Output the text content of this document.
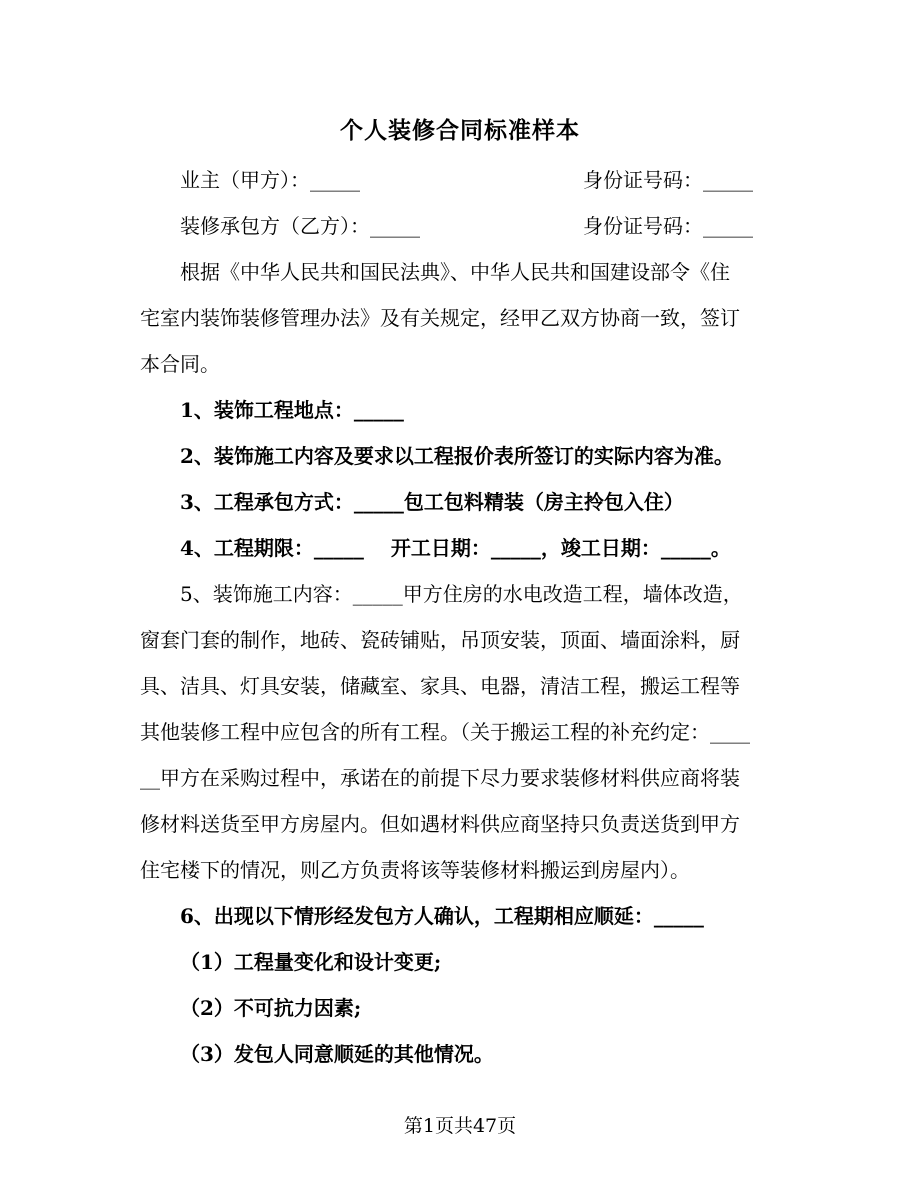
个人装修合同标准样本
业主（甲方）：_____	身份证号码：_____
装修承包方（乙方）：_____	身份证号码：_____
根据《中华人民共和国民法典》、中华人民共和国建设部令《住
宅室内装饰装修管理办法》及有关规定，经甲乙双方协商一致，签订
本合同。
1、装饰工程地点：_____
2、装饰施工内容及要求以工程报价表所签订的实际内容为准。
3、工程承包方式：_____包工包料精装（房主拎包入住）
4、工程期限：_____　 开工日期：_____，竣工日期：_____。
5、装饰施工内容：_____甲方住房的水电改造工程，墙体改造，
窗套门套的制作，地砖、瓷砖铺贴，吊顶安装，顶面、墙面涂料，厨
具、洁具、灯具安装，储藏室、家具、电器，清洁工程，搬运工程等
其他装修工程中应包含的所有工程。（关于搬运工程的补充约定：____
__甲方在采购过程中，承诺在的前提下尽力要求装修材料供应商将装
修材料送货至甲方房屋内。但如遇材料供应商坚持只负责送货到甲方
住宅楼下的情况，则乙方负责将该等装修材料搬运到房屋内）。
6、出现以下情形经发包方人确认，工程期相应顺延：_____
（1）工程量变化和设计变更;
（2）不可抗力因素;
（3）发包人同意顺延的其他情况。
第1页共47页
